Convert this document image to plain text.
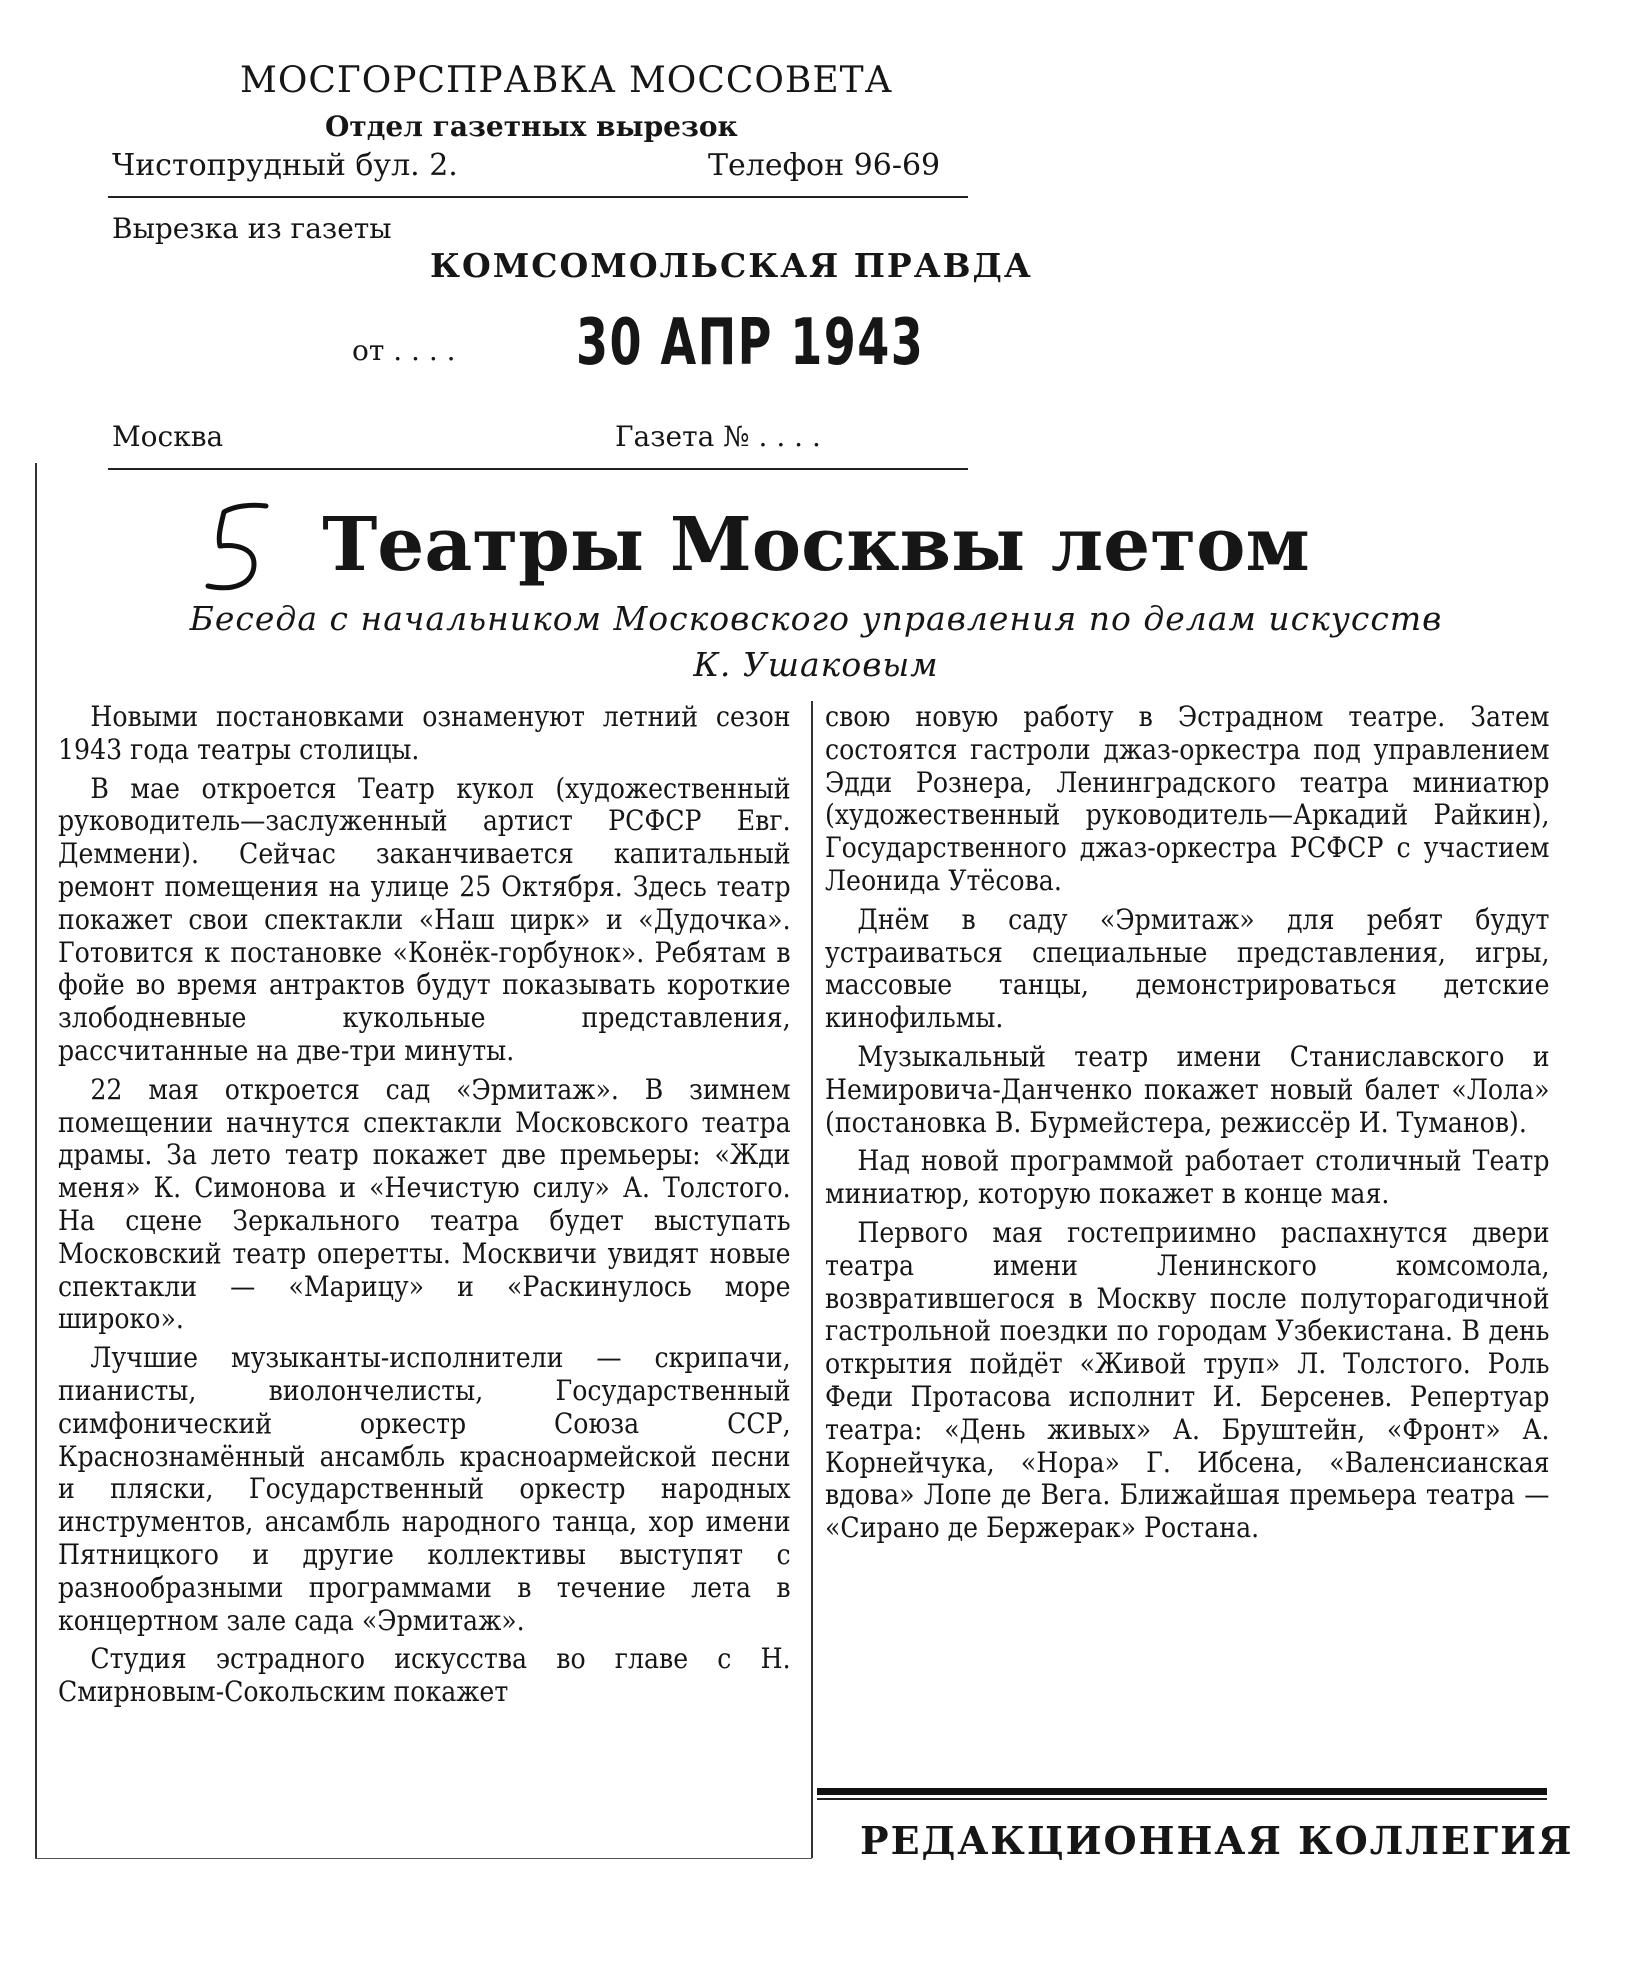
МОСГОРСПРАВКА МОССОВЕТА
Отдел газетных вырезок
Чистопрудный бул. 2.	Телефон 96-69
Вырезка из газеты
КОМСОМОЛЬСКАЯ ПРАВДА
от . . . . 30 АПР 1943
Москва	Газета № . . . .
Театры Москвы летом
Беседа с начальником Московского управления по делам искусств
К. Ушаковым

Новыми постановками ознаменуют летний сезон 1943 года театры столицы.

В мае откроется Театр кукол (художественный руководитель—заслуженный артист РСФСР Евг. Деммени). Сейчас заканчивается капитальный ремонт помещения на улице 25 Октября. Здесь театр покажет свои спектакли «Наш цирк» и «Дудочка». Готовится к постановке «Конёк-горбунок». Ребятам в фойе во время антрактов будут показывать короткие злободневные кукольные представления, рассчитанные на две-три минуты.

22 мая откроется сад «Эрмитаж». В зимнем помещении начнутся спектакли Московского театра драмы. За лето театр покажет две премьеры: «Жди меня» К. Симонова и «Нечистую силу» А. Толстого. На сцене Зеркального театра будет выступать Московский театр оперетты. Москвичи увидят новые спектакли — «Марицу» и «Раскинулось море широко».

Лучшие музыканты-исполнители — скрипачи, пианисты, виолончелисты, Государственный симфонический оркестр Союза ССР, Краснознамённый ансамбль красноармейской песни и пляски, Государственный оркестр народных инструментов, ансамбль народного танца, хор имени Пятницкого и другие коллективы выступят с разнообразными программами в течение лета в концертном зале сада «Эрмитаж».

Студия эстрадного искусства во главе с Н. Смирновым-Сокольским покажет

свою новую работу в Эстрадном театре. Затем состоятся гастроли джаз-оркестра под управлением Эдди Рознера, Ленинградского театра миниатюр (художественный руководитель—Аркадий Райкин), Государственного джаз-оркестра РСФСР с участием Леонида Утёсова.

Днём в саду «Эрмитаж» для ребят будут устраиваться специальные представления, игры, массовые танцы, демонстрироваться детские кинофильмы.

Музыкальный театр имени Станиславского и Немировича-Данченко покажет новый балет «Лола» (постановка В. Бурмейстера, режиссёр И. Туманов).

Над новой программой работает столичный Театр миниатюр, которую покажет в конце мая.

Первого мая гостеприимно распахнутся двери театра имени Ленинского комсомола, возвратившегося в Москву после полуторагодичной гастрольной поездки по городам Узбекистана. В день открытия пойдёт «Живой труп» Л. Толстого. Роль Феди Протасова исполнит И. Берсенев. Репертуар театра: «День живых» А. Бруштейн, «Фронт» А. Корнейчука, «Нора» Г. Ибсена, «Валенсианская вдова» Лопе де Вега. Ближайшая премьера театра — «Сирано де Бержерак» Ростана.

РЕДАКЦИОННАЯ КОЛЛЕГИЯ
